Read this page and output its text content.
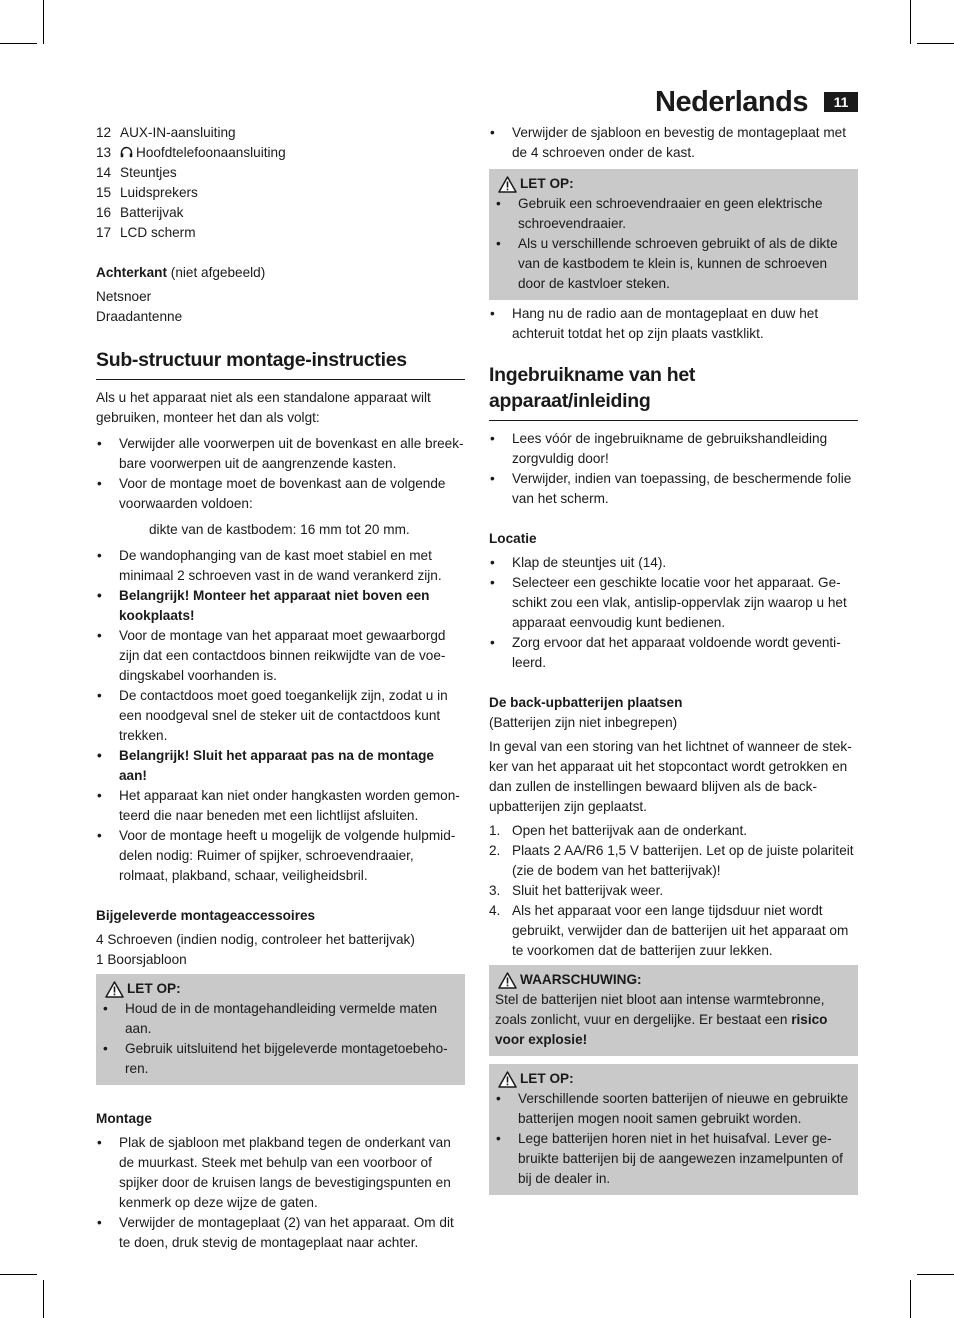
Nederlands	11
12 AUX-IN-aansluiting
13	Hoofdtelefoonaansluiting
14 Steuntjes
15 Luidsprekers
16 Batterijvak
17 LCD scherm

Achterkant (niet afgebeeld)

Netsnoer

Draadantenne

Sub-structuur montage-instructies

Als u het apparaat niet als een standalone apparaat wilt gebruiken, monteer het dan als volgt:

• Verwijder alle voorwerpen uit de bovenkast en alle breek-bare voorwerpen uit de aangrenzende kasten.
• Voor de montage moet de bovenkast aan de volgende voorwaarden voldoen:

dikte van de kastbodem: 16 mm tot 20 mm.

• De wandophanging van de kast moet stabiel en met minimaal 2 schroeven vast in de wand verankerd zijn.
• Belangrijk! Monteer het apparaat niet boven een kookplaats!
• Voor de montage van het apparaat moet gewaarborgd zijn dat een contactdoos binnen reikwijdte van de voe-dingskabel voorhanden is.
• De contactdoos moet goed toegankelijk zijn, zodat u in een noodgeval snel de steker uit de contactdoos kunt trekken.
• Belangrijk! Sluit het apparaat pas na de montage aan!
• Het apparaat kan niet onder hangkasten worden gemon-teerd die naar beneden met een lichtlijst afsluiten.
• Voor de montage heeft u mogelijk de volgende hulpmid-delen nodig: Ruimer of spijker, schroevendraaier, rolmaat, plakband, schaar, veiligheidsbril.

Bijgeleverde montageaccessoires

4 Schroeven (indien nodig, controleer het batterijvak)

1 Boorsjabloon

LET OP:
• Houd de in de montagehandleiding vermelde maten aan.
• Gebruik uitsluitend het bijgeleverde montagetoebeho-ren.

Montage

• Plak de sjabloon met plakband tegen de onderkant van de muurkast. Steek met behulp van een voorboor of spijker door de kruisen langs de bevestigingspunten en kenmerk op deze wijze de gaten.
• Verwijder de montageplaat (2) van het apparaat. Om dit te doen, druk stevig de montageplaat naar achter.
• Verwijder de sjabloon en bevestig de montageplaat met de 4 schroeven onder de kast.
LET OP:
• Gebruik een schroevendraaier en geen elektrische schroevendraaier.
• Als u verschillende schroeven gebruikt of als de dikte van de kastbodem te klein is, kunnen de schroeven door de kastvloer steken.
• Hang nu de radio aan de montageplaat en duw het achteruit totdat het op zijn plaats vastklikt.
Ingebruikname van het apparaat/inleiding
• Lees vóór de ingebruikname de gebruikshandleiding zorgvuldig door!
• Verwijder, indien van toepassing, de beschermende folie van het scherm.

Locatie

• Klap de steuntjes uit (14).
• Selecteer een geschikte locatie voor het apparaat. Ge-schikt zou een vlak, antislip-oppervlak zijn waarop u het apparaat eenvoudig kunt bedienen.
• Zorg ervoor dat het apparaat voldoende wordt geventi-leerd.

De back-upbatterijen plaatsen

(Batterijen zijn niet inbegrepen)

In geval van een storing van het lichtnet of wanneer de stek-ker van het apparaat uit het stopcontact wordt getrokken en dan zullen de instellingen bewaard blijven als de back-upbatterijen zijn geplaatst.

1. Open het batterijvak aan de onderkant.
2. Plaats 2 AA/R6 1,5 V batterijen. Let op de juiste polariteit (zie de bodem van het batterijvak)!
3. Sluit het batterijvak weer.
4. Als het apparaat voor een lange tijdsduur niet wordt gebruikt, verwijder dan de batterijen uit het apparaat om te voorkomen dat de batterijen zuur lekken.
WAARSCHUWING:

Stel de batterijen niet bloot aan intense warmtebronne, zoals zonlicht, vuur en dergelijke. Er bestaat een risico voor explosie!

LET OP:
• Verschillende soorten batterijen of nieuwe en gebruikte batterijen mogen nooit samen gebruikt worden.
• Lege batterijen horen niet in het huisafval. Lever ge-bruikte batterijen bij de aangewezen inzamelpunten of bij de dealer in.
